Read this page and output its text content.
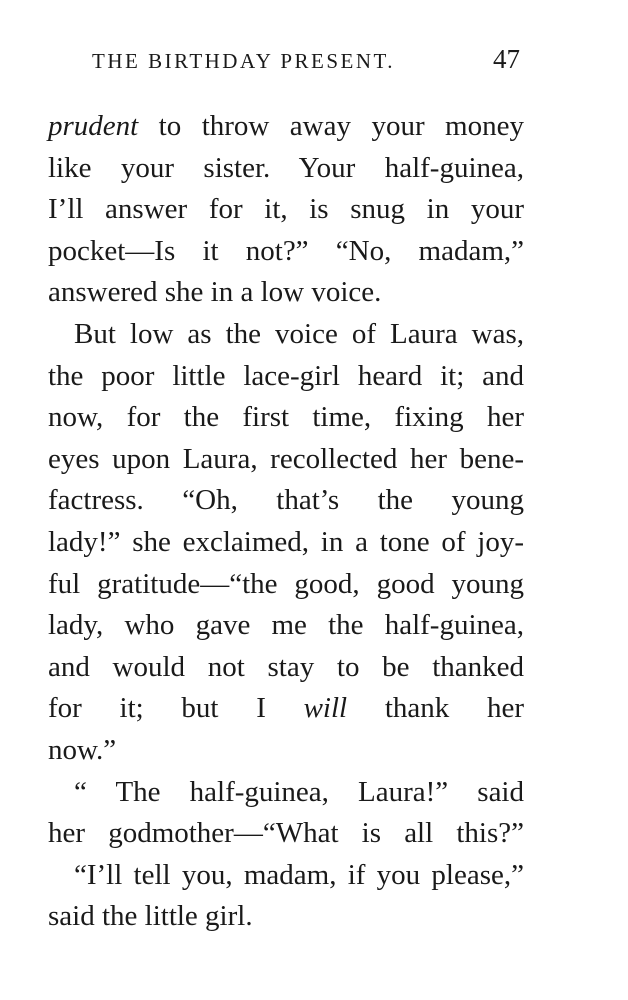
THE BIRTHDAY PRESENT.	47
prudent to throw away your money
like your sister. Your half-guinea,
I’ll answer for it, is snug in your
pocket—Is it not?” “No, madam,”
answered she in a low voice.
But low as the voice of Laura was,
the poor little lace-girl heard it; and
now, for the first time, fixing her
eyes upon Laura, recollected her bene-
factress. “Oh, that’s the young
lady!” she exclaimed, in a tone of joy-
ful gratitude—“the good, good young
lady, who gave me the half-guinea,
and would not stay to be thanked
for it; but I will thank her
now.”
“ The half-guinea, Laura!” said
her godmother—“What is all this?”
“I’ll tell you, madam, if you please,”
said the little girl.
